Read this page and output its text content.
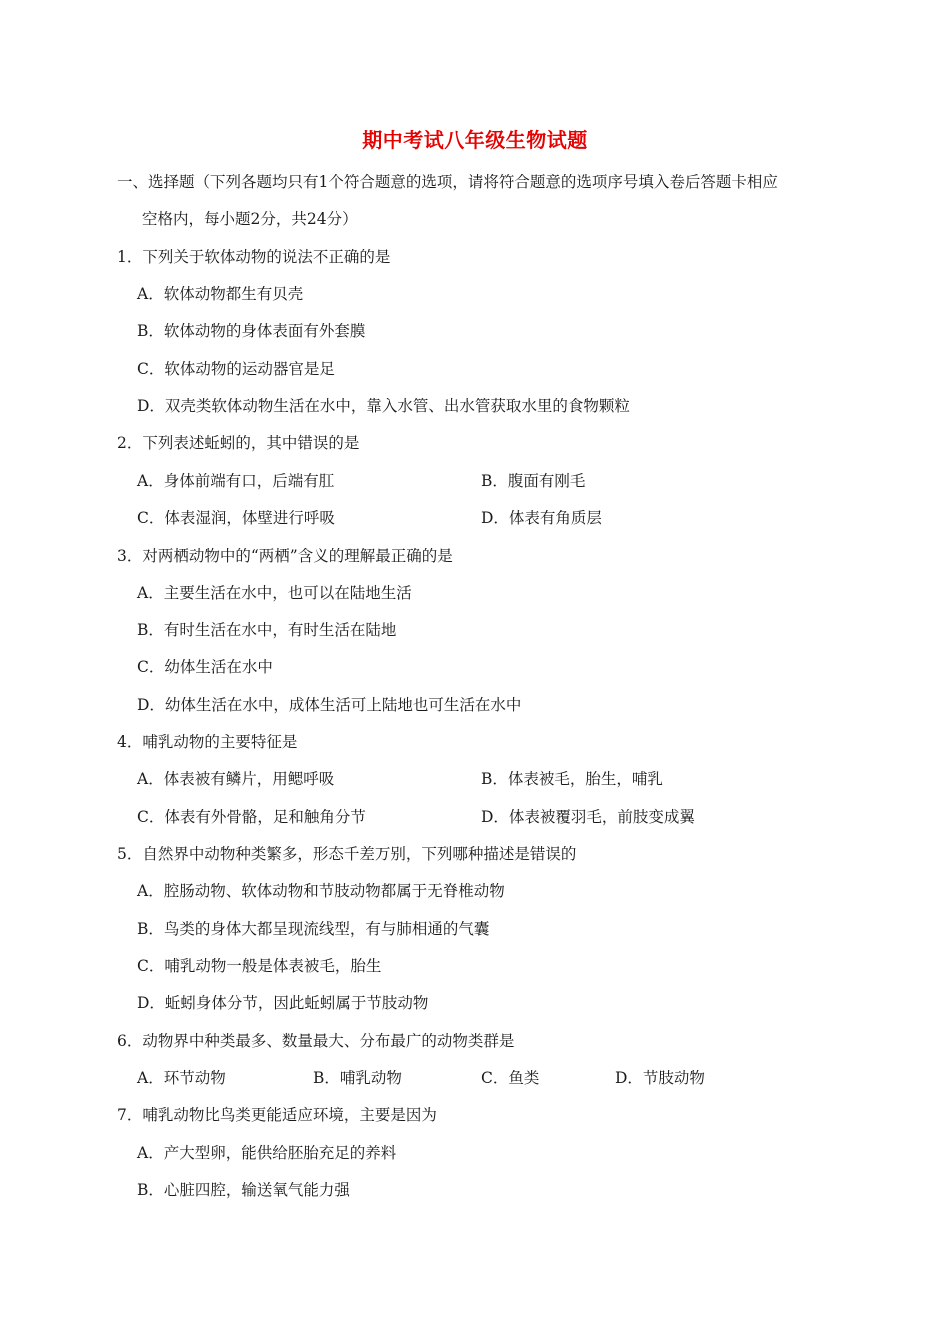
期中考试八年级生物试题
一、选择题（下列各题均只有1个符合题意的选项，请将符合题意的选项序号填入卷后答题卡相应
空格内，每小题2分，共24分）
1．下列关于软体动物的说法不正确的是
A．软体动物都生有贝壳
B．软体动物的身体表面有外套膜
C．软体动物的运动器官是足
D．双壳类软体动物生活在水中，靠入水管、出水管获取水里的食物颗粒
2．下列表述蚯蚓的，其中错误的是
A．身体前端有口，后端有肛	B．腹面有刚毛
C．体表湿润，体壁进行呼吸	D．体表有角质层
3．对两栖动物中的“两栖”含义的理解最正确的是
A．主要生活在水中，也可以在陆地生活
B．有时生活在水中，有时生活在陆地
C．幼体生活在水中
D．幼体生活在水中，成体生活可上陆地也可生活在水中
4．哺乳动物的主要特征是
A．体表被有鳞片，用鳃呼吸	B．体表被毛，胎生，哺乳
C．体表有外骨骼，足和触角分节	D．体表被覆羽毛，前肢变成翼
5．自然界中动物种类繁多，形态千差万别，下列哪种描述是错误的
A．腔肠动物、软体动物和节肢动物都属于无脊椎动物
B．鸟类的身体大都呈现流线型，有与肺相通的气囊
C．哺乳动物一般是体表被毛，胎生
D．蚯蚓身体分节，因此蚯蚓属于节肢动物
6．动物界中种类最多、数量最大、分布最广的动物类群是
A．环节动物	B．哺乳动物	C．鱼类	D．节肢动物
7．哺乳动物比鸟类更能适应环境，主要是因为
A．产大型卵，能供给胚胎充足的养料
B．心脏四腔，输送氧气能力强
